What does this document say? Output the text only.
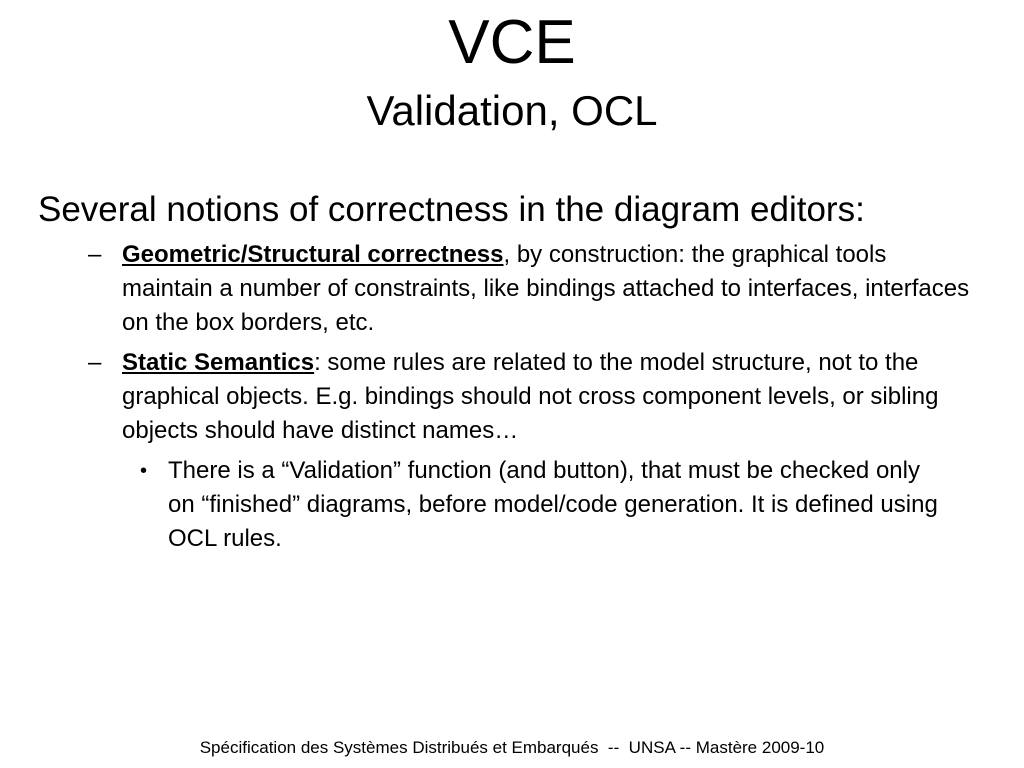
VCE
Validation, OCL

Several notions of correctness in the diagram editors:

– Geometric/Structural correctness, by construction: the graphical tools maintain a number of constraints, like bindings attached to interfaces, interfaces on the box borders, etc.
– Static Semantics: some rules are related to the model structure, not to the graphical objects. E.g. bindings should not cross component levels, or sibling objects should have distinct names…
• There is a “Validation” function (and button), that must be checked only on “finished” diagrams, before model/code generation. It is defined using OCL rules.
Spécification des Systèmes Distribués et Embarqués  --  UNSA -- Mastère 2009-10
